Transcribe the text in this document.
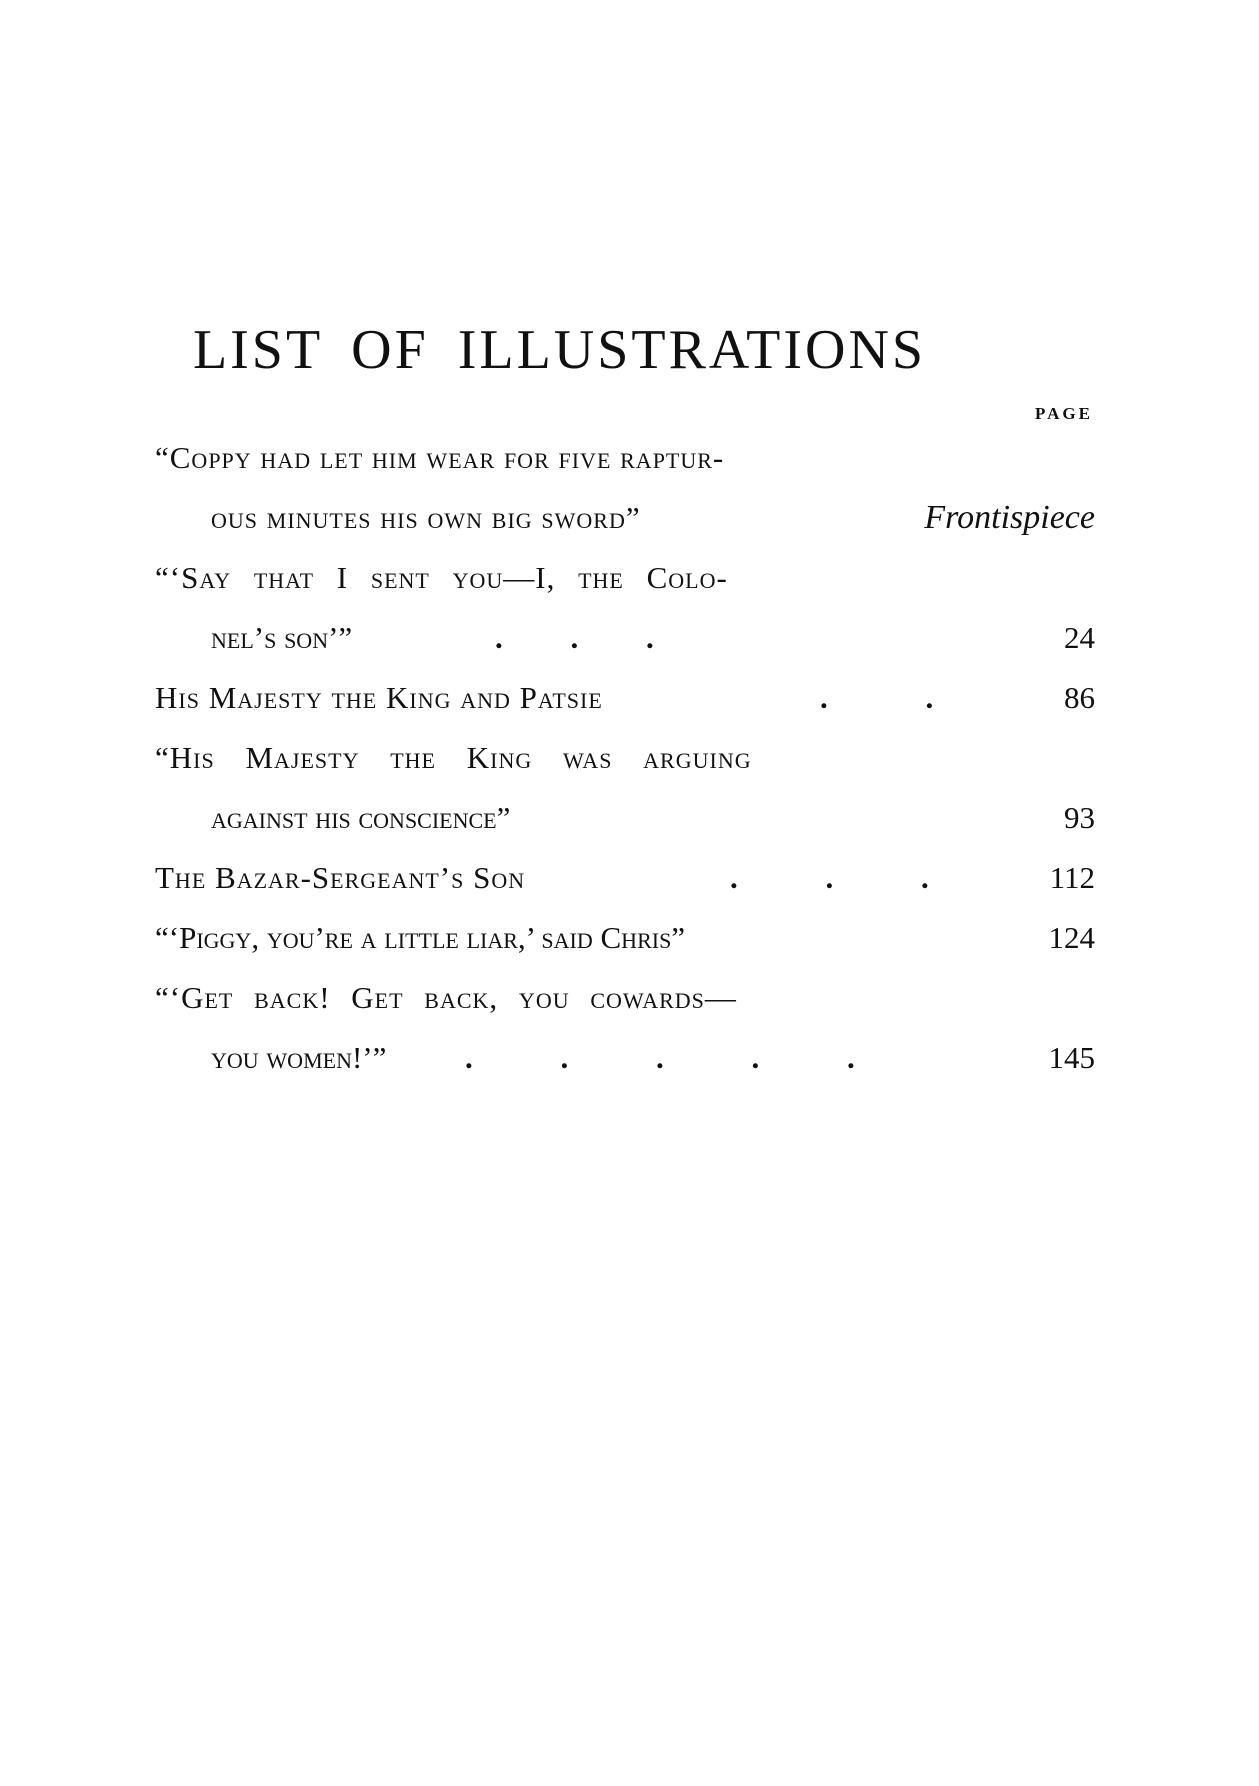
LIST OF ILLUSTRATIONS
PAGE
“Coppy had let him wear for five raptur-
ous minutes his own big sword”	Frontispiece
“‘Say that I sent you—I, the Colo-
nel’s son’”	. . .	24
His Majesty the King and Patsie	. .	86
“His Majesty the King was arguing
against his conscience”	93
The Bazar-Sergeant’s Son	. . .	112
“‘Piggy, you’re a little liar,’ said Chris”	124
“‘Get back! Get back, you cowards—
you women!’”	. . . . .	145
